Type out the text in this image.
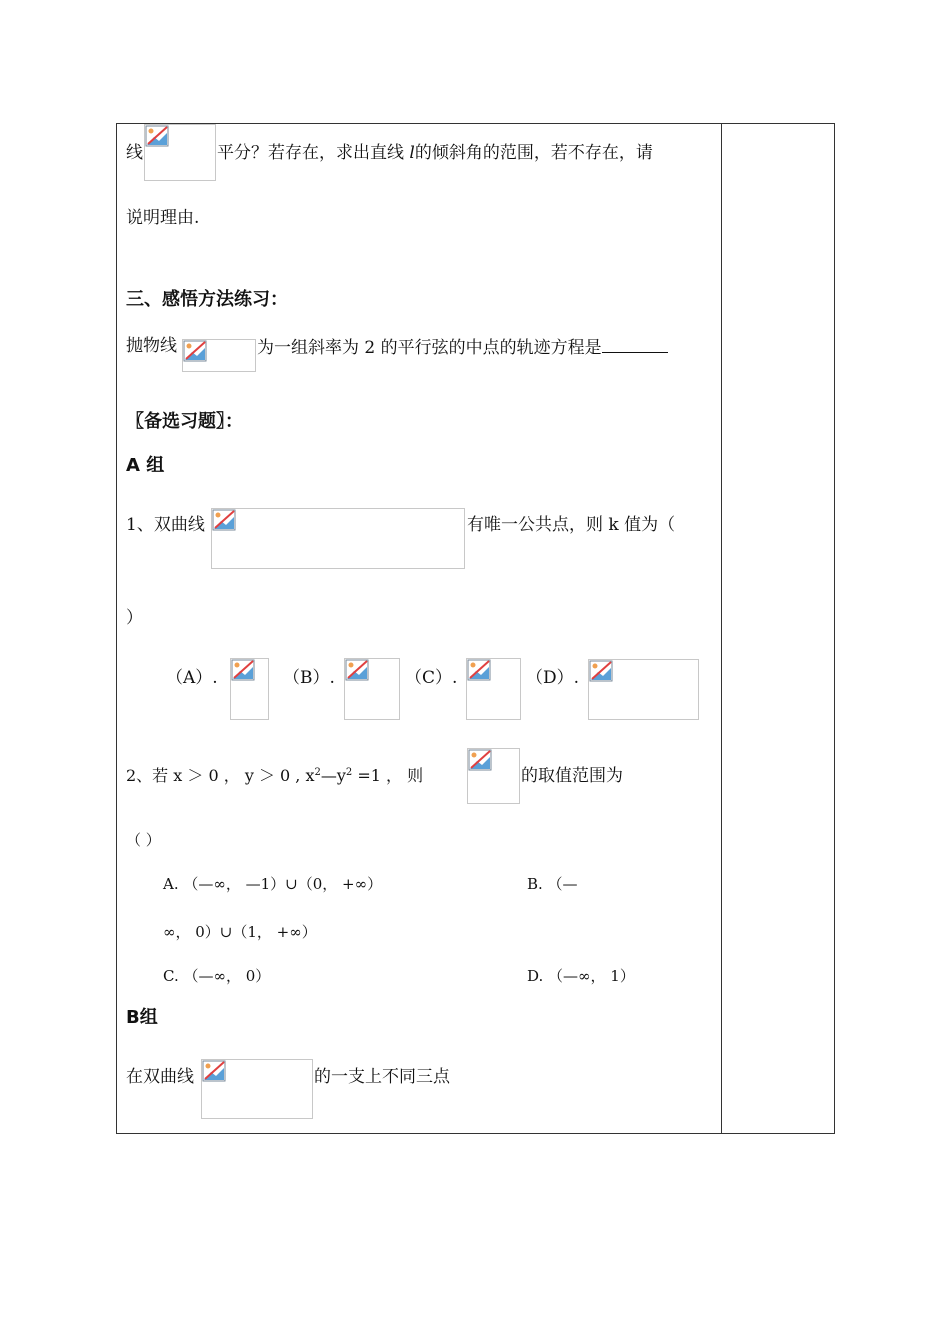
线	平分？若存在，求出直线 l的倾斜角的范围，若不存在，请
说明理由.
三、感悟方法练习：
抛物线	为一组斜率为 2 的平行弦的中点的轨迹方程是
〖备选习题〗：
A 组
1、双曲线	有唯一公共点，则 k 值为（
）
（A）.	（B）.	（C）.	（D）.
2、若 x ＞ 0 ， y ＞ 0 , $x^2—y^2 =1$ ， 则	的取值范围为
（ ）
A. （—∞， —1）∪（0， +∞）	B. （—
∞， 0）∪（1， +∞）
C. （—∞， 0）	D. （—∞， 1）
B组
在双曲线	的一支上不同三点
